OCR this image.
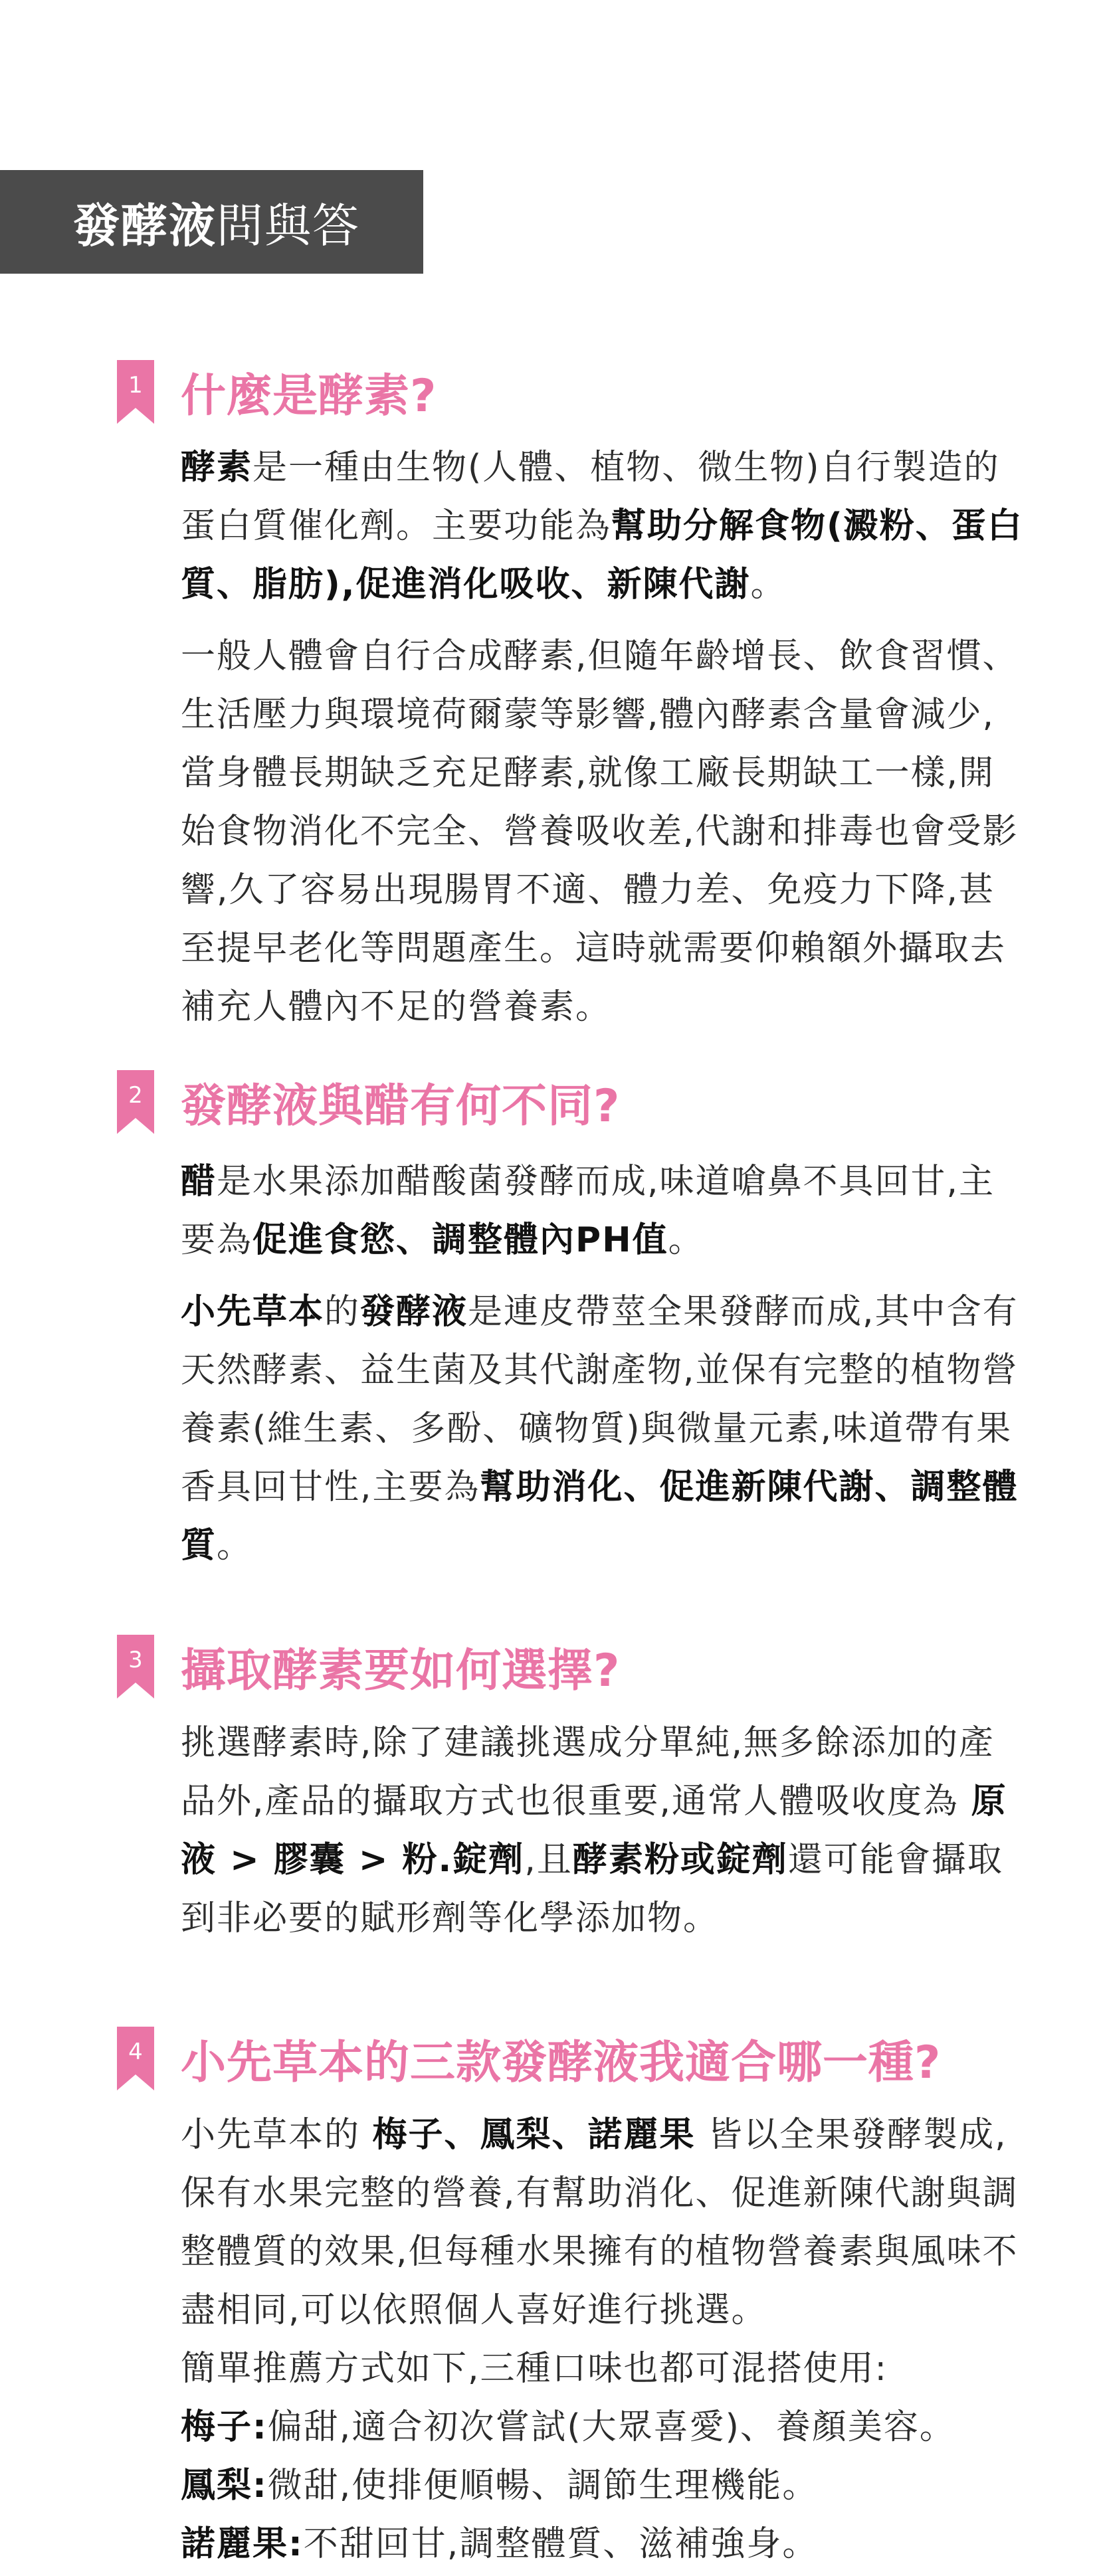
發酵液 問與答
1 什麼是酵素?

酵素是一種由生物(人體、植物、微生物)自行製造的蛋白質催化劑。主要功能為幫助分解食物(澱粉、蛋白質、脂肪),促進消化吸收、新陳代謝。

一般人體會自行合成酵素,但隨年齡增長、飲食習慣、生活壓力與環境荷爾蒙等影響,體內酵素含量會減少,當身體長期缺乏充足酵素,就像工廠長期缺工一樣,開始食物消化不完全、營養吸收差,代謝和排毒也會受影響,久了容易出現腸胃不適、體力差、免疫力下降,甚至提早老化等問題產生。這時就需要仰賴額外攝取去補充人體內不足的營養素。

2 發酵液與醋有何不同?

醋是水果添加醋酸菌發酵而成,味道嗆鼻不具回甘,主要為促進食慾、調整體內PH值。

小先草本的發酵液是連皮帶莖全果發酵而成,其中含有天然酵素、益生菌及其代謝產物,並保有完整的植物營養素(維生素、多酚、礦物質)與微量元素,味道帶有果香具回甘性,主要為幫助消化、促進新陳代謝、調整體質。

3 攝取酵素要如何選擇?

挑選酵素時,除了建議挑選成分單純,無多餘添加的產品外,產品的攝取方式也很重要,通常人體吸收度為 原液 > 膠囊 > 粉.錠劑,且酵素粉或錠劑還可能會攝取到非必要的賦形劑等化學添加物。

4 小先草本的三款發酵液我適合哪一種?

小先草本的 梅子、鳳梨、諾麗果 皆以全果發酵製成,保有水果完整的營養,有幫助消化、促進新陳代謝與調整體質的效果,但每種水果擁有的植物營養素與風味不盡相同,可以依照個人喜好進行挑選。

簡單推薦方式如下,三種口味也都可混搭使用:

梅子:偏甜,適合初次嘗試(大眾喜愛)、養顏美容。

鳳梨:微甜,使排便順暢、調節生理機能。

諾麗果:不甜回甘,調整體質、滋補強身。
